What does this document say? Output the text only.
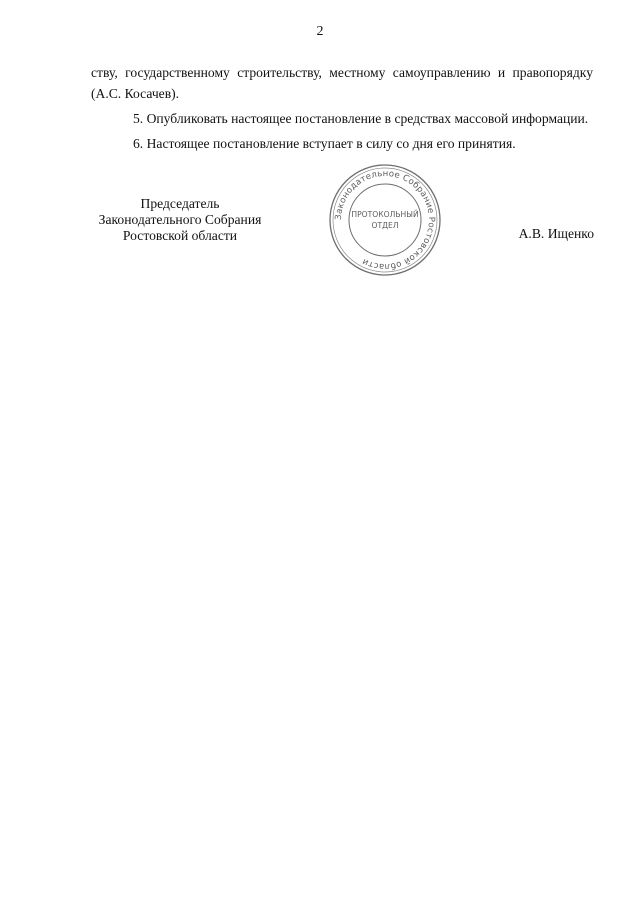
2

ству, государственному строительству, местному самоуправлению и правопорядку (А.С. Косачев).

5. Опубликовать настоящее постановление в средствах массовой информации.

6. Настоящее постановление вступает в силу со дня его принятия.

Председатель
Законодательного Собрания
Ростовской области
Законодательное Собрание Ростовской области
ПРОТОКОЛЬНЫЙ
ОТДЕЛ
А.В. Ищенко
